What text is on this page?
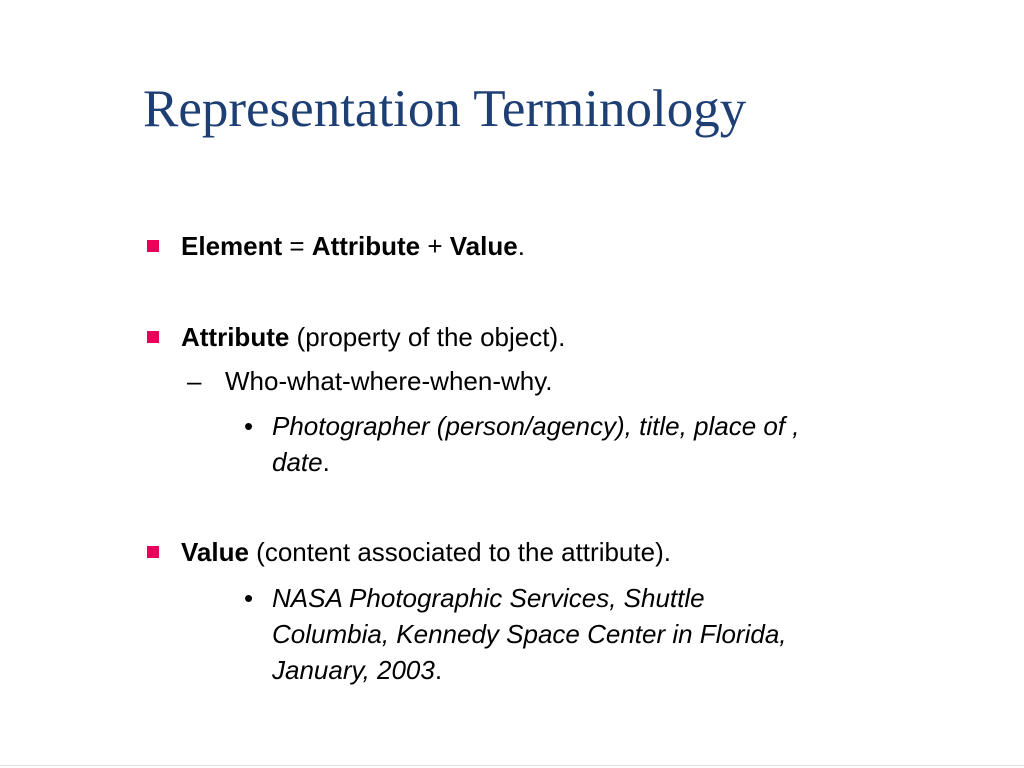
Representation Terminology
Element = Attribute + Value.
Attribute (property of the object).
– Who-what-where-when-why.
• Photographer (person/agency), title, place of ,
date.
Value (content associated to the attribute).
• NASA Photographic Services, Shuttle
Columbia, Kennedy Space Center in Florida,
January, 2003.
